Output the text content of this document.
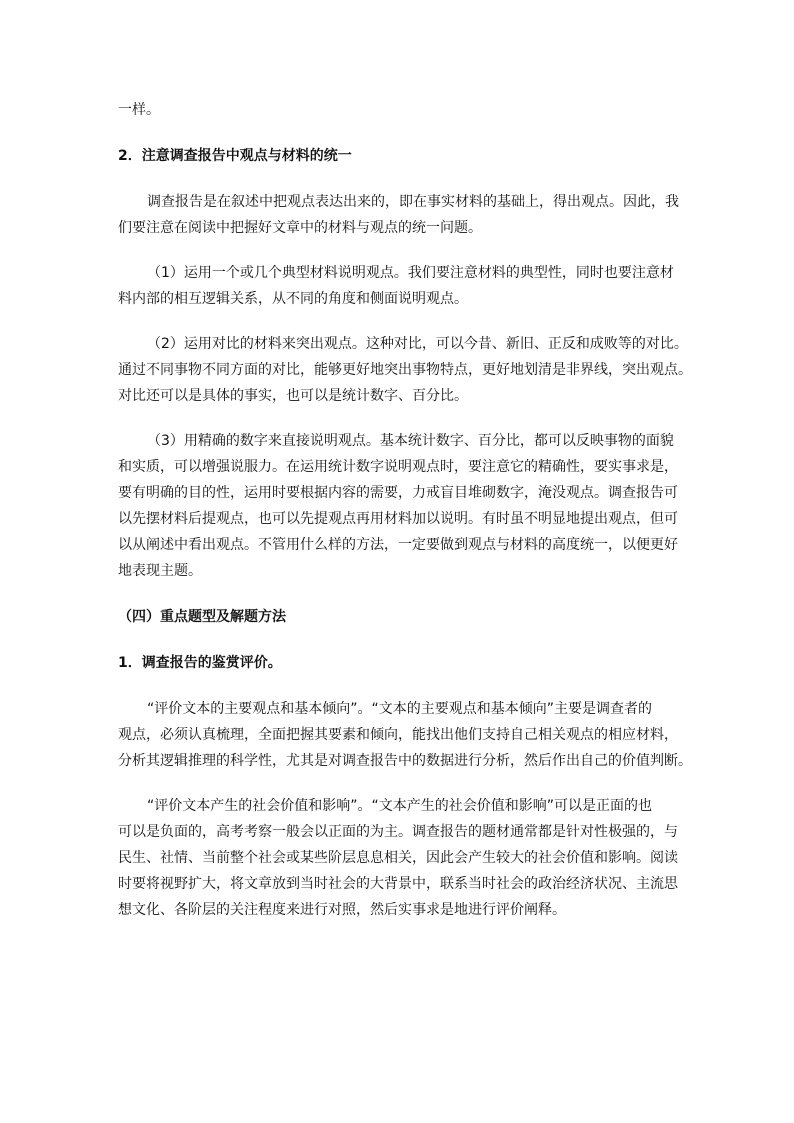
一样。

2．注意调查报告中观点与材料的统一

调查报告是在叙述中把观点表达出来的，即在事实材料的基础上，得出观点。因此，我

们要注意在阅读中把握好文章中的材料与观点的统一问题。

（1）运用一个或几个典型材料说明观点。我们要注意材料的典型性，同时也要注意材

料内部的相互逻辑关系，从不同的角度和侧面说明观点。

（2）运用对比的材料来突出观点。这种对比，可以今昔、新旧、正反和成败等的对比。

通过不同事物不同方面的对比，能够更好地突出事物特点，更好地划清是非界线，突出观点。

对比还可以是具体的事实，也可以是统计数字、百分比。

（3）用精确的数字来直接说明观点。基本统计数字、百分比，都可以反映事物的面貌

和实质，可以增强说服力。在运用统计数字说明观点时，要注意它的精确性，要实事求是，

要有明确的目的性，运用时要根据内容的需要，力戒盲目堆砌数字，淹没观点。调查报告可

以先摆材料后提观点，也可以先提观点再用材料加以说明。有时虽不明显地提出观点，但可

以从阐述中看出观点。不管用什么样的方法，一定要做到观点与材料的高度统一，以便更好

地表现主题。

（四）重点题型及解题方法

1．调查报告的鉴赏评价。

“评价文本的主要观点和基本倾向”。“文本的主要观点和基本倾向”主要是调查者的

观点，必须认真梳理，全面把握其要素和倾向，能找出他们支持自己相关观点的相应材料，

分析其逻辑推理的科学性，尤其是对调查报告中的数据进行分析，然后作出自己的价值判断。

“评价文本产生的社会价值和影响”。“文本产生的社会价值和影响”可以是正面的也

可以是负面的，高考考察一般会以正面的为主。调查报告的题材通常都是针对性极强的，与

民生、社情、当前整个社会或某些阶层息息相关，因此会产生较大的社会价值和影响。阅读

时要将视野扩大，将文章放到当时社会的大背景中，联系当时社会的政治经济状况、主流思

想文化、各阶层的关注程度来进行对照，然后实事求是地进行评价阐释。
